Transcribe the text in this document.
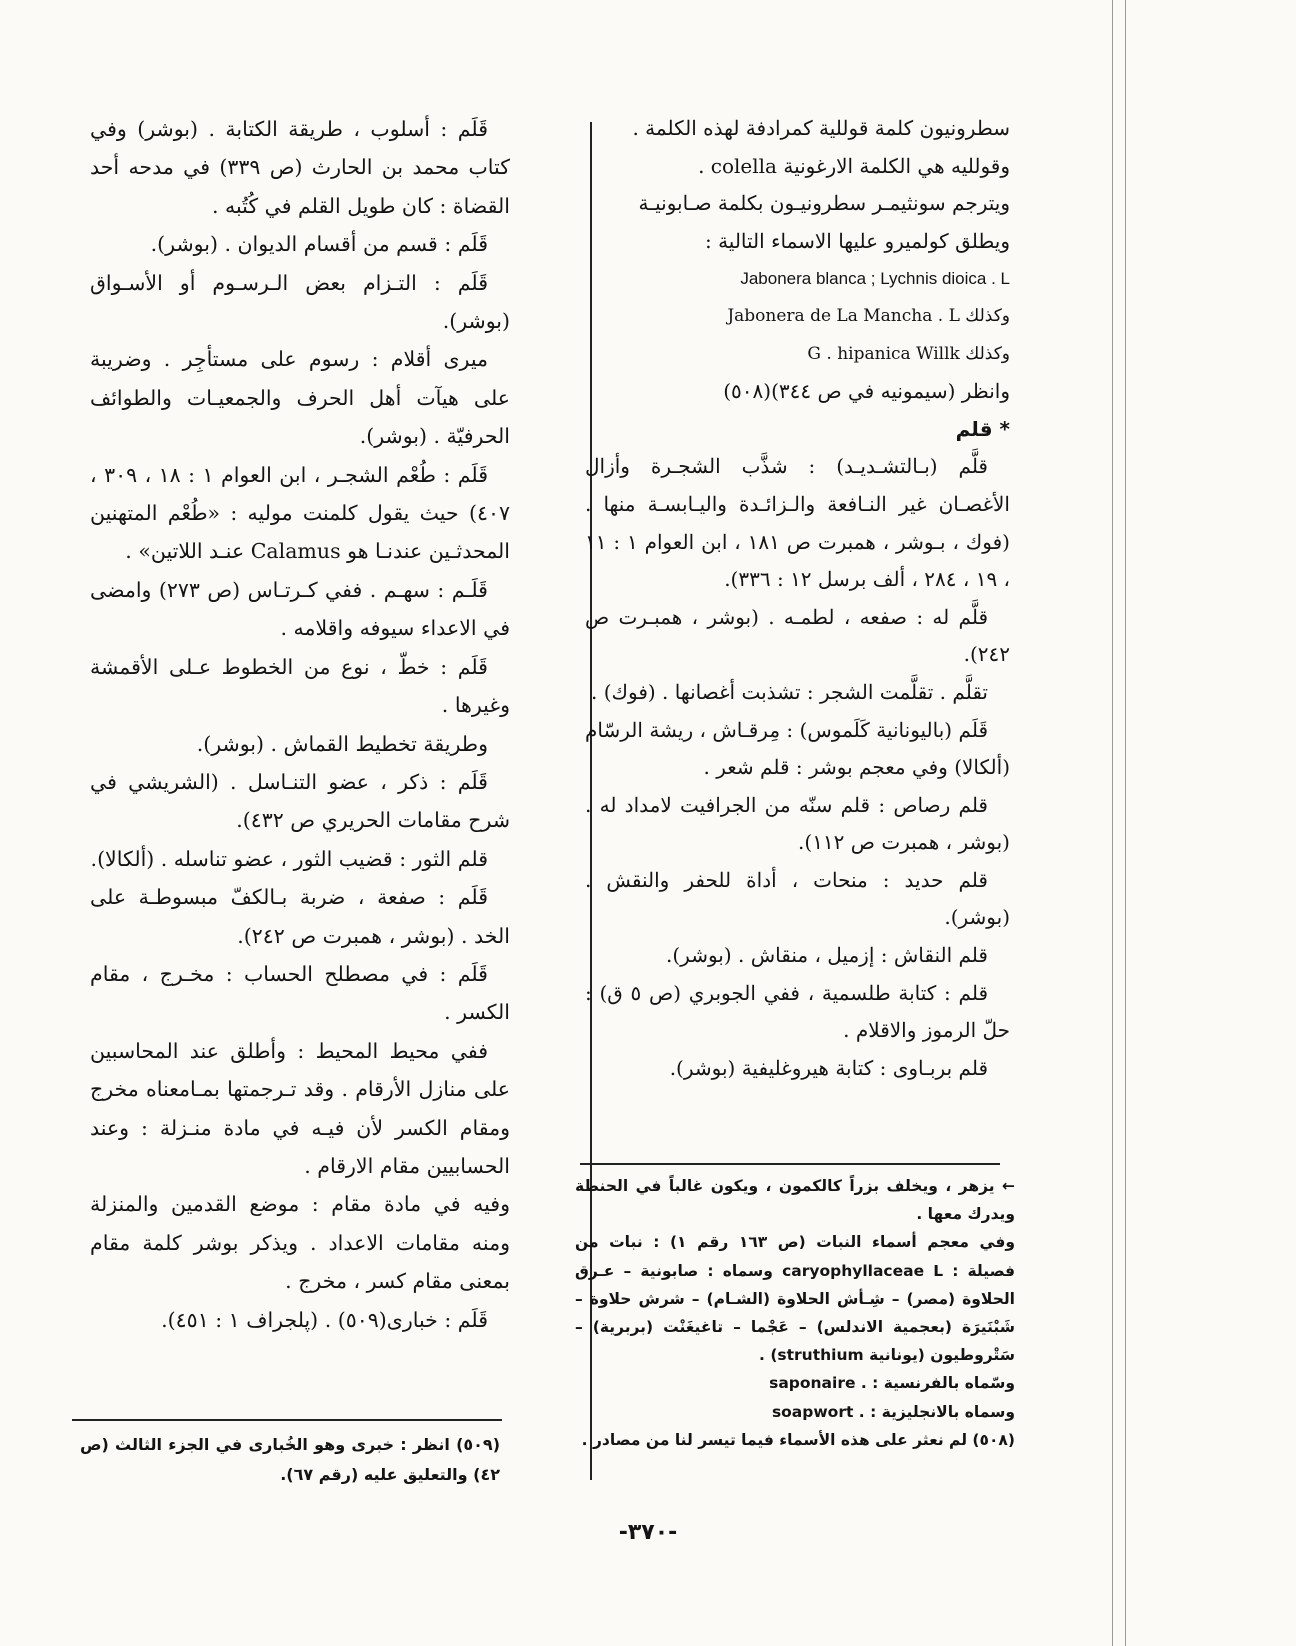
سطرونيون كلمة قوللية كمرادفة لهذه الكلمة .

وقولليه هي الكلمة الارغونية colella .

ويترجم سونثيمـر سطرونيـون بكلمة صـابونيـة

ويطلق كولميرو عليها الاسماء التالية :

Jabonera blanca ; Lychnis dioica . L

وكذلك Jabonera de La Mancha . L

وكذلك G . hipanica Willk

وانظر (سيمونيه في ص ٣٤٤)(٥٠٨)

* قلم

قلَّم (بـالتشـديـد) : شذَّب الشجـرة وأزال الأغصـان غير النـافعة والـزائـدة واليـابسـة منها .(فوك ، بـوشر ، همبرت ص ١٨١ ، ابن العوام ١ : ١١ ، ١٩ ، ٢٨٤ ، ألف برسل ١٢ : ٣٣٦).

قلَّم له : صفعه ، لطمـه . (بوشر ، همبـرت ص ٢٤٢).

تقلَّم . تقلَّمت الشجر : تشذبت أغصانها . (فوك) .

قَلَم (باليونانية كَلَموس) : مِرقـاش ، ريشة الرسّام (ألكالا) وفي معجم بوشر : قلم شعر .

قلم رصاص : قلم سنّه من الجرافيت لامداد له . (بوشر ، همبرت ص ١١٢).

قلم حديد : منحات ، أداة للحفر والنقش . (بوشر).

قلم النقاش : إزميل ، منقاش . (بوشر).

قلم : كتابة طلسمية ، ففي الجوبري (ص ٥ ق) : حلّ الرموز والاقلام .

قلم بربـاوى : كتابة هيروغليفية (بوشر).

قَلَم : أسلوب ، طريقة الكتابة . (بوشر) وفي كتاب محمد بن الحارث (ص ٣٣٩) في مدحه أحد القضاة : كان طويل القلم في كُتُبه .

قَلَم : قسم من أقسام الديوان . (بوشر).

قَلَم : التـزام بعض الـرسـوم أو الأسـواق (بوشر).

ميرى أقلام : رسوم على مستأجِر . وضريبة على هيآت أهل الحرف والجمعيـات والطوائف الحرفيّة . (بوشر).

قَلَم : طُعْم الشجـر ، ابن العوام ١ : ١٨ ، ٣٠٩ ، ٤٠٧) حيث يقول كلمنت موليه : «طُعْم المتهنين المحدثـين عندنـا هو Calamus عنـد اللاتين» .

قَلَـم : سهـم . ففي كـرتـاس (ص ٢٧٣) وامضى في الاعداء سيوفه واقلامه .

قَلَم : خطّ ، نوع من الخطوط عـلى الأقمشة وغيرها .

وطريقة تخطيط القماش . (بوشر).

قَلَم : ذكر ، عضو التنـاسل . (الشريشي في شرح مقامات الحريري ص ٤٣٢).

قلم الثور : قضيب الثور ، عضو تناسله . (ألكالا).

قَلَم : صفعة ، ضربة بـالكفّ مبسوطـة على الخد . (بوشر ، همبرت ص ٢٤٢).

قَلَم : في مصطلح الحساب : مخـرج ، مقام الكسر .

ففي محيط المحيط : وأطلق عند المحاسبين على منازل الأرقام . وقد تـرجمتها بمـامعناه مخرج ومقام الكسر لأن فيـه في مادة منـزلة : وعند الحسابيين مقام الارقام .

وفيه في مادة مقام : موضع القدمين والمنزلة ومنه مقامات الاعداد . ويذكر بوشر كلمة مقام بمعنى مقام كسر ، مخرج .

قَلَم : خبارى(٥٠٩) . (پلجراف ١ : ٤٥١).

← يزهر ، ويخلف بزراً كالكمون ، ويكون غالباً في الحنطة ويدرك معها .

وفي معجم أسماء النبات (ص ١٦٣ رقم ١) : نبات من فصيلة : caryophyllaceae L وسماه : صابونية – عـرق الحلاوة (مصر) – شِـأش الحلاوة (الشـام) – شرش حلاوة – شَبْنَيرَة (بعجمية الاندلس) – عَجْما – تاغيغَنْت (بربرية) – سَتْروطيون (يونانية struthium) .

وسّماه بالفرنسية : . saponaire

وسماه بالانجليزية : . soapwort

(٥٠٨) لم نعثر على هذه الأسماء فيما تيسر لنا من مصادر .

(٥٠٩) انظر : خبرى وهو الخُبارى في الجزء الثالث (ص ٤٢) والتعليق عليه (رقم ٦٧).

-٣٧٠-
